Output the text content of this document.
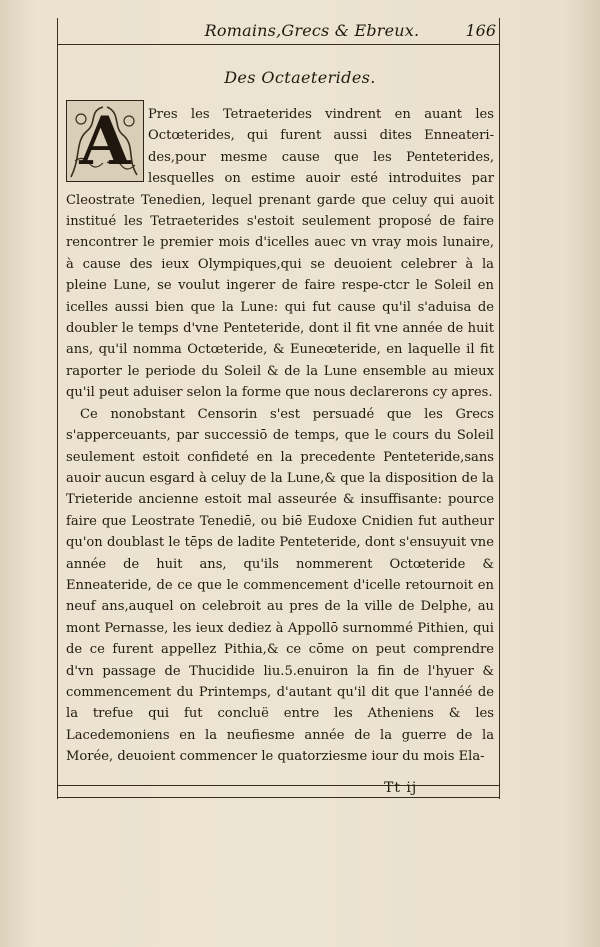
Romains,Grecs & Ebreux.	166
Des Octaeterides.
A	Pres les Tetraeterides vindrent en auant les Octœterides, qui furent aussi dites Enneateri-des,pour mesme cause que les Penteterides, lesquelles on estime auoir esté introduites par Cleostrate Tenedien, lequel prenant garde que celuy qui auoit institué les Tetraeterides s'estoit seulement proposé de faire rencontrer le premier mois d'icelles auec vn vray mois lunaire, à cause des ieux Olympiques,qui se deuoient celebrer à la pleine Lune, se voulut ingerer de faire respe-ctcr le Soleil en icelles aussi bien que la Lune: qui fut cause qu'il s'aduisa de doubler le temps d'vne Penteteride, dont il fit vne année de huit ans, qu'il nomma Octœteride, & Euneœteride, en laquelle il fit raporter le periode du Soleil & de la Lune ensemble au mieux qu'il peut aduiser selon la forme que nous declarerons cy apres.

Ce nonobstant Censorin s'est persuadé que les Grecs s'apperceuants, par successiō de temps, que le cours du Soleil seulement estoit confideté en la precedente Penteteride,sans auoir aucun esgard à celuy de la Lune,& que la disposition de la Trieteride ancienne estoit mal asseurée & insuffisante: pource faire que Leostrate Tenediē, ou biē Eudoxe Cnidien fut autheur qu'on doublast le tēps de ladite Penteteride, dont s'ensuyuit vne année de huit ans, qu'ils nommerent Octœteride & Enneateride, de ce que le commencement d'icelle retournoit en neuf ans,auquel on celebroit au pres de la ville de Delphe, au mont Pernasse, les ieux dediez à Appollō surnommé Pithien, qui de ce furent appellez Pithia,& ce cōme on peut comprendre d'vn passage de Thucidide liu.5.enuiron la fin de l'hyuer & commencement du Printemps, d'autant qu'il dit que l'annéé de la trefue qui fut concluë entre les Atheniens & les Lacedemoniens en la neufiesme année de la guerre de la Morée, deuoient commencer le quatorziesme iour du mois Ela-

Tt ij
